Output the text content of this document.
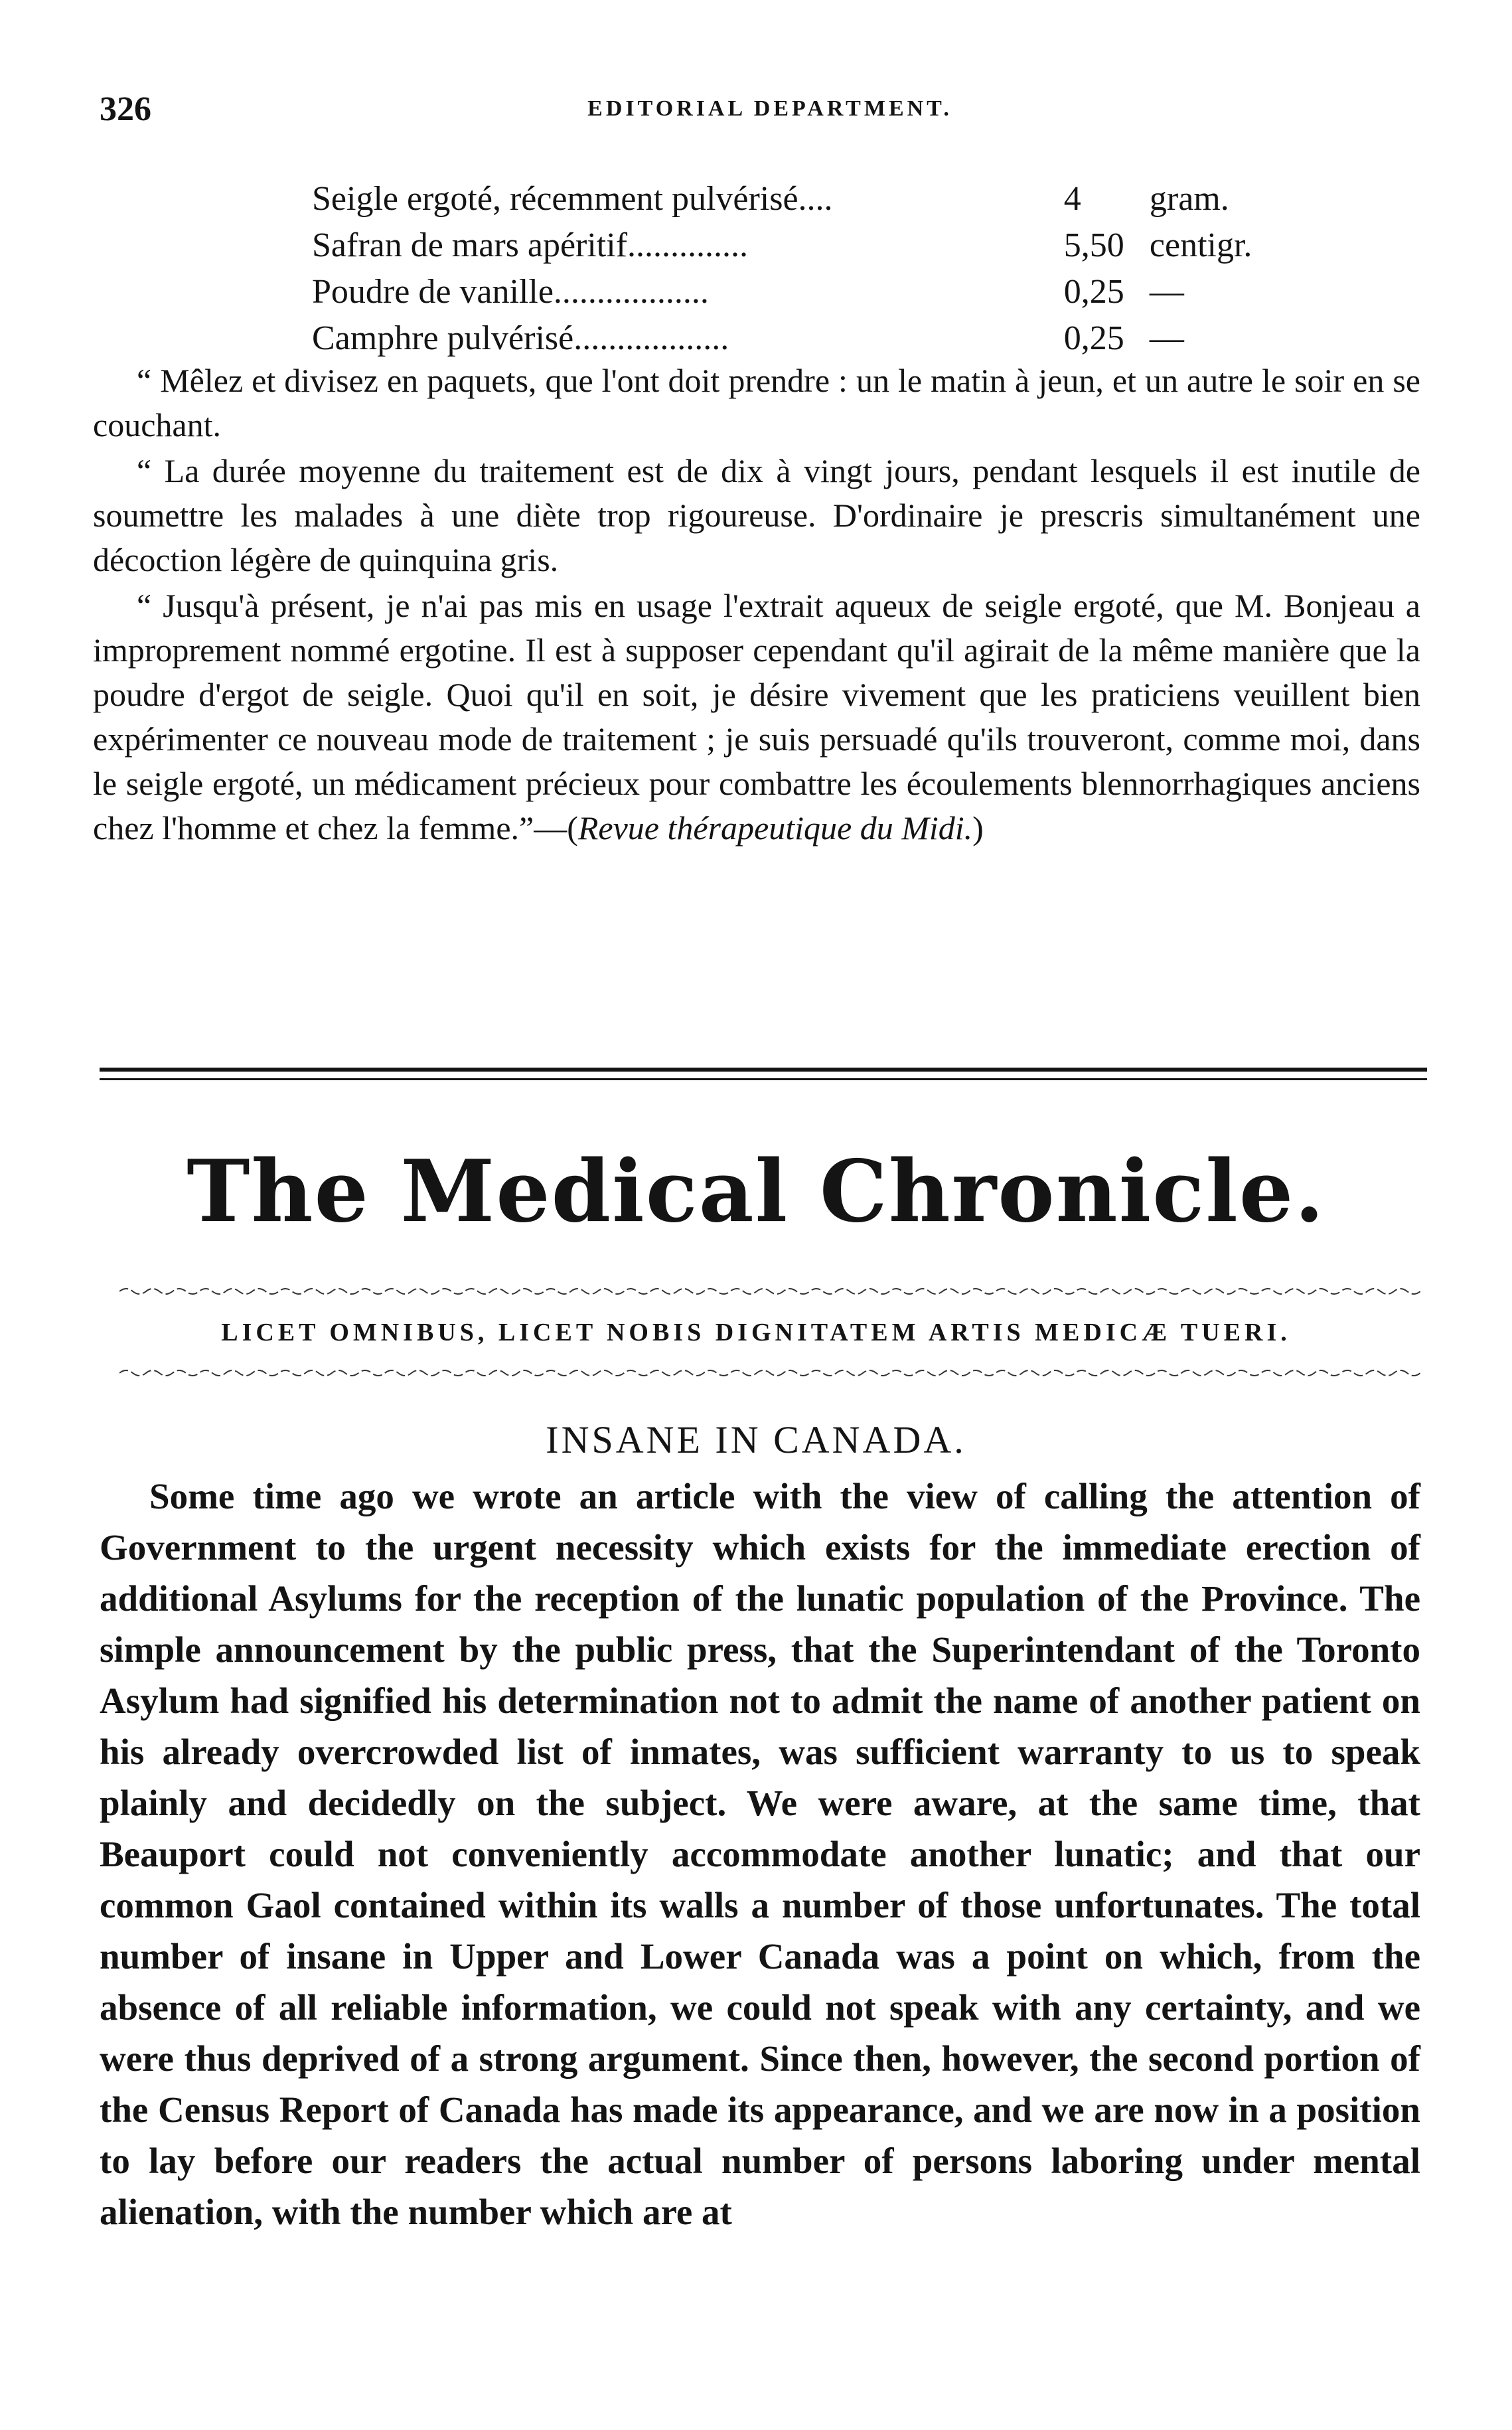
326	EDITORIAL DEPARTMENT.
Seigle ergoté, récemment pulvérisé....	4	gram.
Safran de mars apéritif..............	5,50 centigr.
Poudre de vanille..................	0,25 —
Camphre pulvérisé..................	0,25 —

“ Mêlez et divisez en paquets, que l'ont doit prendre : un le matin à jeun, et un autre le soir en se couchant.

“ La durée moyenne du traitement est de dix à vingt jours, pendant lesquels il est inutile de soumettre les malades à une diète trop rigoureuse. D'ordinaire je prescris simultanément une décoction légère de quinquina gris.

“ Jusqu'à présent, je n'ai pas mis en usage l'extrait aqueux de seigle ergoté, que M. Bonjeau a improprement nommé ergotine. Il est à supposer cependant qu'il agirait de la même manière que la poudre d'ergot de seigle. Quoi qu'il en soit, je désire vivement que les praticiens veuillent bien expérimenter ce nouveau mode de traitement ; je suis persuadé qu'ils trouveront, comme moi, dans le seigle ergoté, un médicament précieux pour combattre les écoulements blennorrhagiques anciens chez l'homme et chez la femme.”—(Revue thérapeutique du Midi.)

The Medical Chronicle.
LICET OMNIBUS, LICET NOBIS DIGNITATEM ARTIS MEDICÆ TUERI.
INSANE IN CANADA.

Some time ago we wrote an article with the view of calling the attention of Government to the urgent necessity which exists for the immediate erection of additional Asylums for the reception of the lunatic population of the Province. The simple announcement by the public press, that the Superintendant of the Toronto Asylum had signified his determination not to admit the name of another patient on his already overcrowded list of inmates, was sufficient warranty to us to speak plainly and decidedly on the subject. We were aware, at the same time, that Beauport could not conveniently accommodate another lunatic; and that our common Gaol contained within its walls a number of those unfortunates. The total number of insane in Upper and Lower Canada was a point on which, from the absence of all reliable information, we could not speak with any certainty, and we were thus deprived of a strong argument. Since then, however, the second portion of the Census Report of Canada has made its appearance, and we are now in a position to lay before our readers the actual number of persons laboring under mental alienation, with the number which are at
